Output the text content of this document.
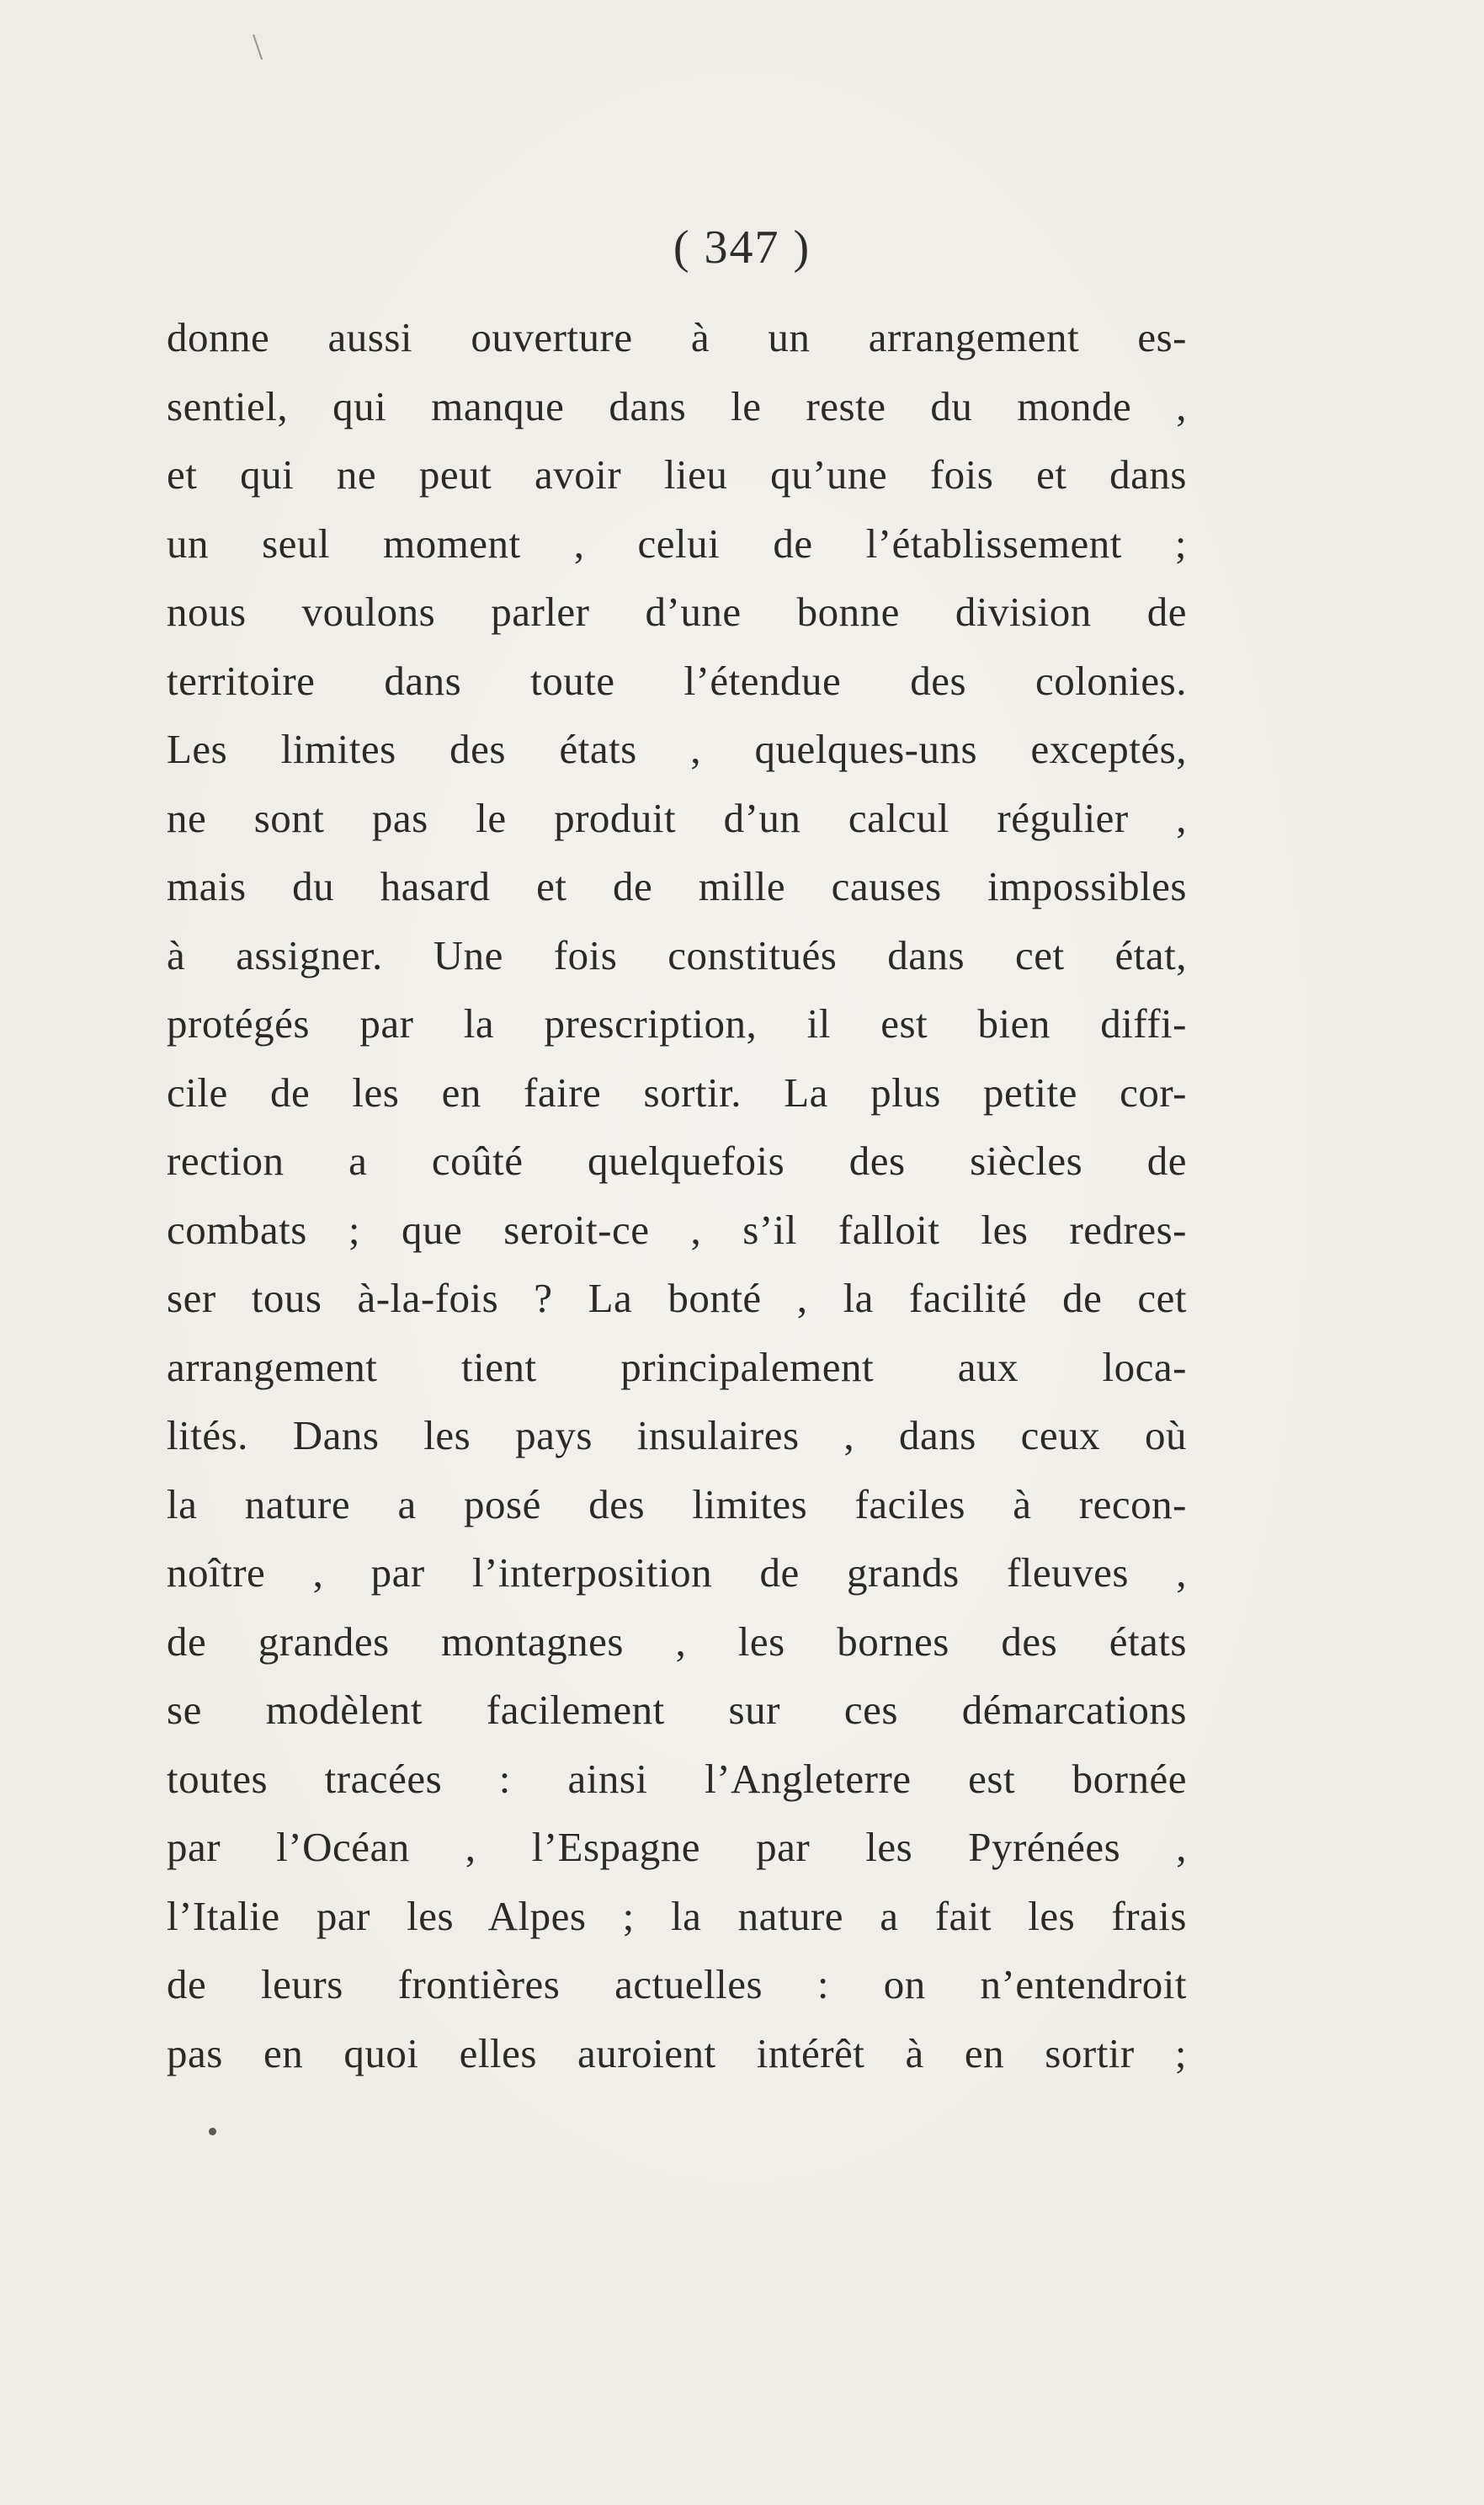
\
( 347 )
donne aussi ouverture à un arrangement es-
sentiel, qui manque dans le reste du monde ,
et qui ne peut avoir lieu qu’une fois et dans
un seul moment , celui de l’établissement ;
nous voulons parler d’une bonne division de
territoire dans toute l’étendue des colonies.
Les limites des états , quelques-uns exceptés,
ne sont pas le produit d’un calcul régulier ,
mais du hasard et de mille causes impossibles
à assigner. Une fois constitués dans cet état,
protégés par la prescription, il est bien diffi-
cile de les en faire sortir. La plus petite cor-
rection a coûté quelquefois des siècles de
combats ; que seroit-ce , s’il falloit les redres-
ser tous à-la-fois ? La bonté , la facilité de cet
arrangement tient principalement aux loca-
lités. Dans les pays insulaires , dans ceux où
la nature a posé des limites faciles à recon-
noître , par l’interposition de grands fleuves ,
de grandes montagnes , les bornes des états
se modèlent facilement sur ces démarcations
toutes tracées : ainsi l’Angleterre est bornée
par l’Océan , l’Espagne par les Pyrénées ,
l’Italie par les Alpes ; la nature a fait les frais
de leurs frontières actuelles : on n’entendroit
pas en quoi elles auroient intérêt à en sortir ;
